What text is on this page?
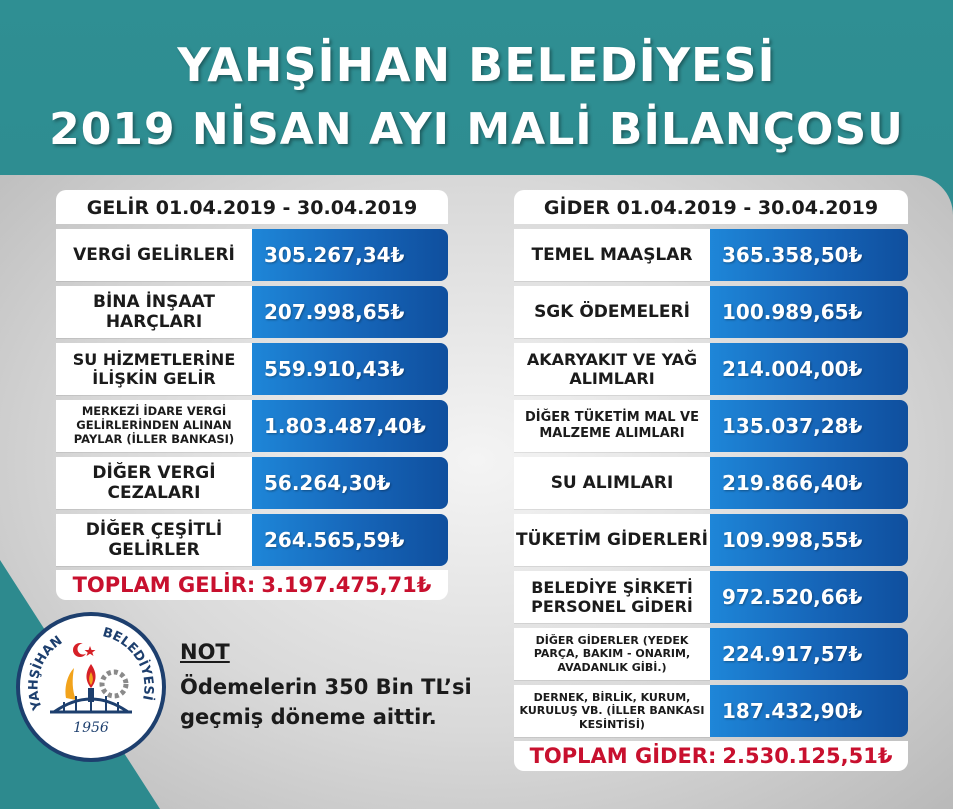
YAHŞİHAN BELEDİYESİ
2019 NİSAN AYI MALİ BİLANÇOSU
GELİR 01.04.2019 - 30.04.2019
VERGİ GELİRLERİ	305.267,34₺
BİNA İNŞAAT HARÇLARI	207.998,65₺
SU HİZMETLERİNE İLİŞKİN GELİR	559.910,43₺
MERKEZİ İDARE VERGİ GELİRLERİNDEN ALINAN PAYLAR (İLLER BANKASI)
1.803.487,40₺
DİĞER VERGİ CEZALARI	56.264,30₺
DİĞER ÇEŞİTLİ GELİRLER	264.565,59₺
TOPLAM GELİR: 3.197.475,71₺
GİDER 01.04.2019 - 30.04.2019
TEMEL MAAŞLAR	365.358,50₺
SGK ÖDEMELERİ	100.989,65₺
AKARYAKIT VE YAĞ ALIMLARI	214.004,00₺
DİĞER TÜKETİM MAL VE MALZEME ALIMLARI	135.037,28₺
SU ALIMLARI	219.866,40₺
TÜKETİM GİDERLERİ 109.998,55₺
BELEDİYE ŞİRKETİ PERSONEL GİDERİ	972.520,66₺
DİĞER GİDERLER (YEDEK PARÇA, BAKIM - ONARIM, AVADANLIK GİBİ.)
224.917,57₺
DERNEK, BİRLİK, KURUM, KURULUŞ VB. (İLLER BANKASI KESİNTİSİ)
187.432,90₺
TOPLAM GİDER: 2.530.125,51₺
YAHŞİHAN	BELEDİYESİ
1956
NOT
Ödemelerin 350 Bin TL’si geçmiş döneme aittir.
